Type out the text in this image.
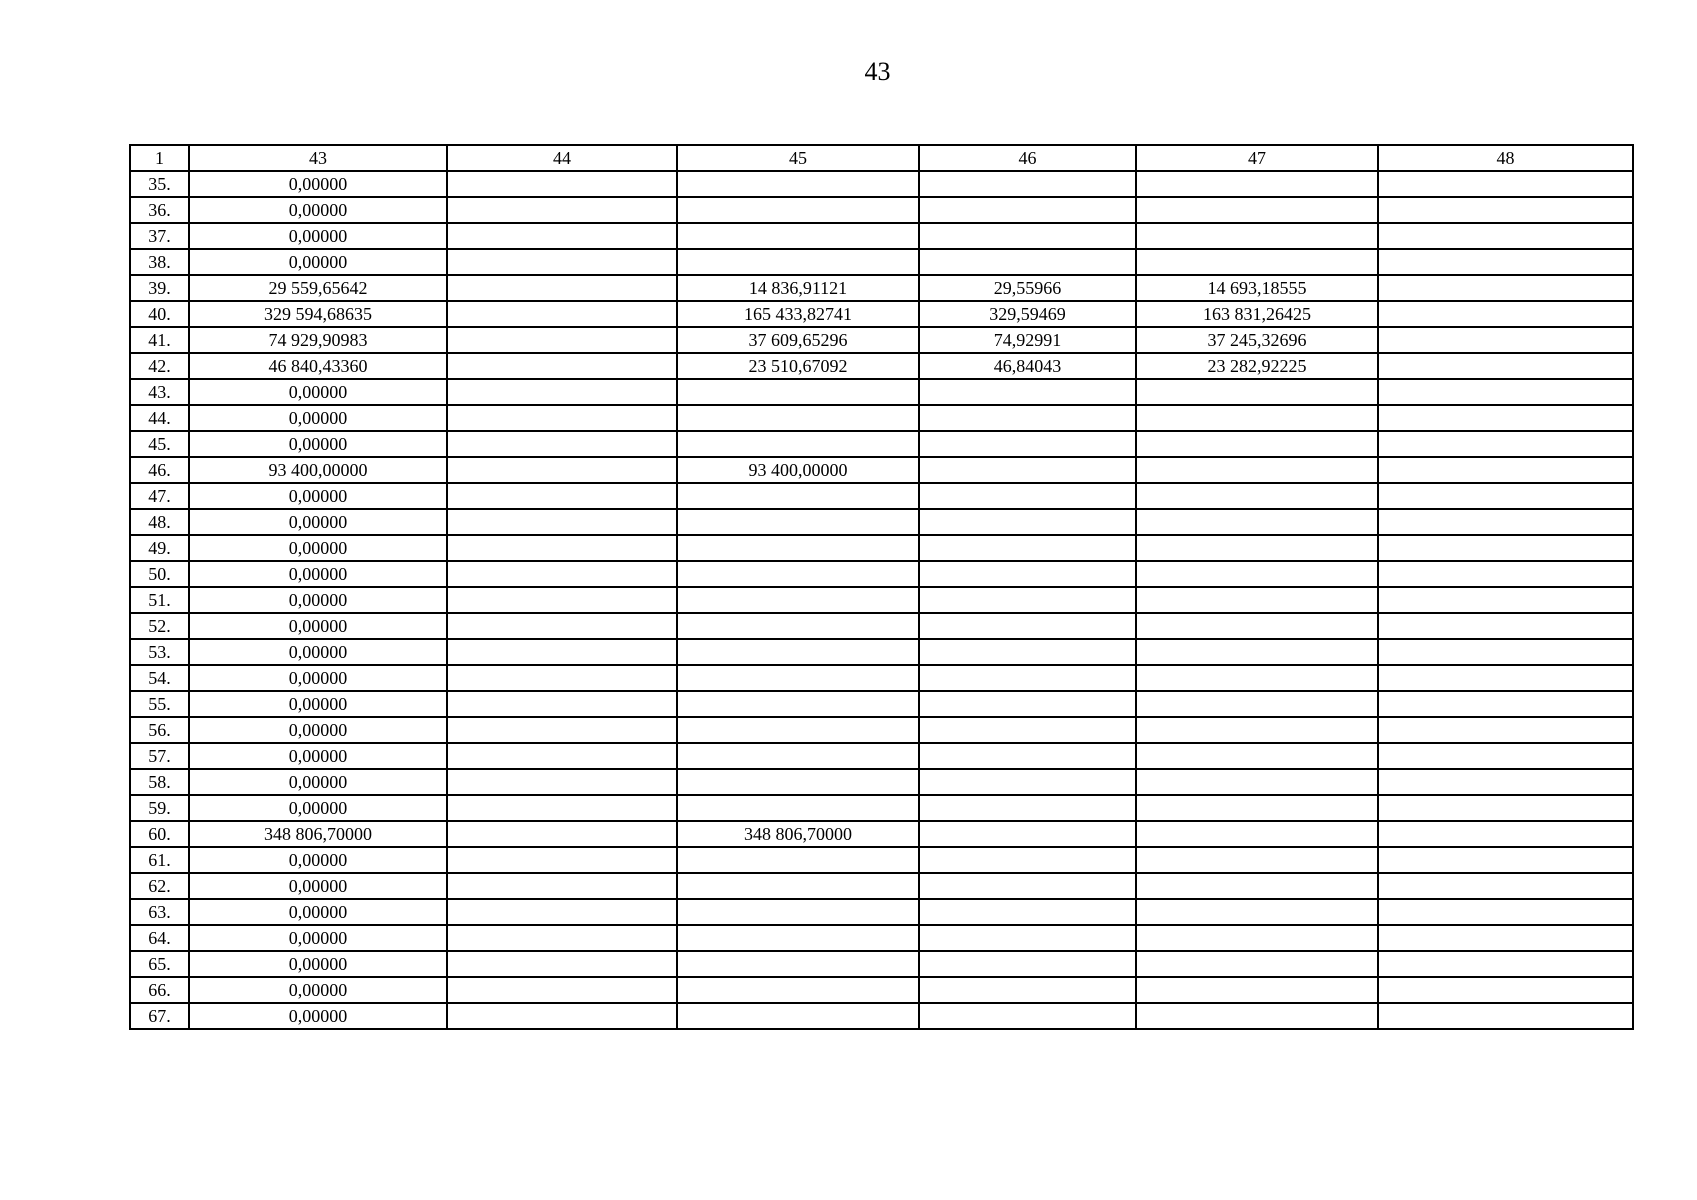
43
1	43	44	45	46	47	48
35.	0,00000					
36.	0,00000					
37.	0,00000					
38.	0,00000					
39.	29 559,65642		14 836,91121	29,55966	14 693,18555	
40.	329 594,68635		165 433,82741	329,59469	163 831,26425	
41.	74 929,90983		37 609,65296	74,92991	37 245,32696	
42.	46 840,43360		23 510,67092	46,84043	23 282,92225	
43.	0,00000					
44.	0,00000					
45.	0,00000					
46.	93 400,00000		93 400,00000			
47.	0,00000					
48.	0,00000					
49.	0,00000					
50.	0,00000					
51.	0,00000					
52.	0,00000					
53.	0,00000					
54.	0,00000					
55.	0,00000					
56.	0,00000					
57.	0,00000					
58.	0,00000					
59.	0,00000					
60.	348 806,70000		348 806,70000			
61.	0,00000					
62.	0,00000					
63.	0,00000					
64.	0,00000					
65.	0,00000					
66.	0,00000					
67.	0,00000					
